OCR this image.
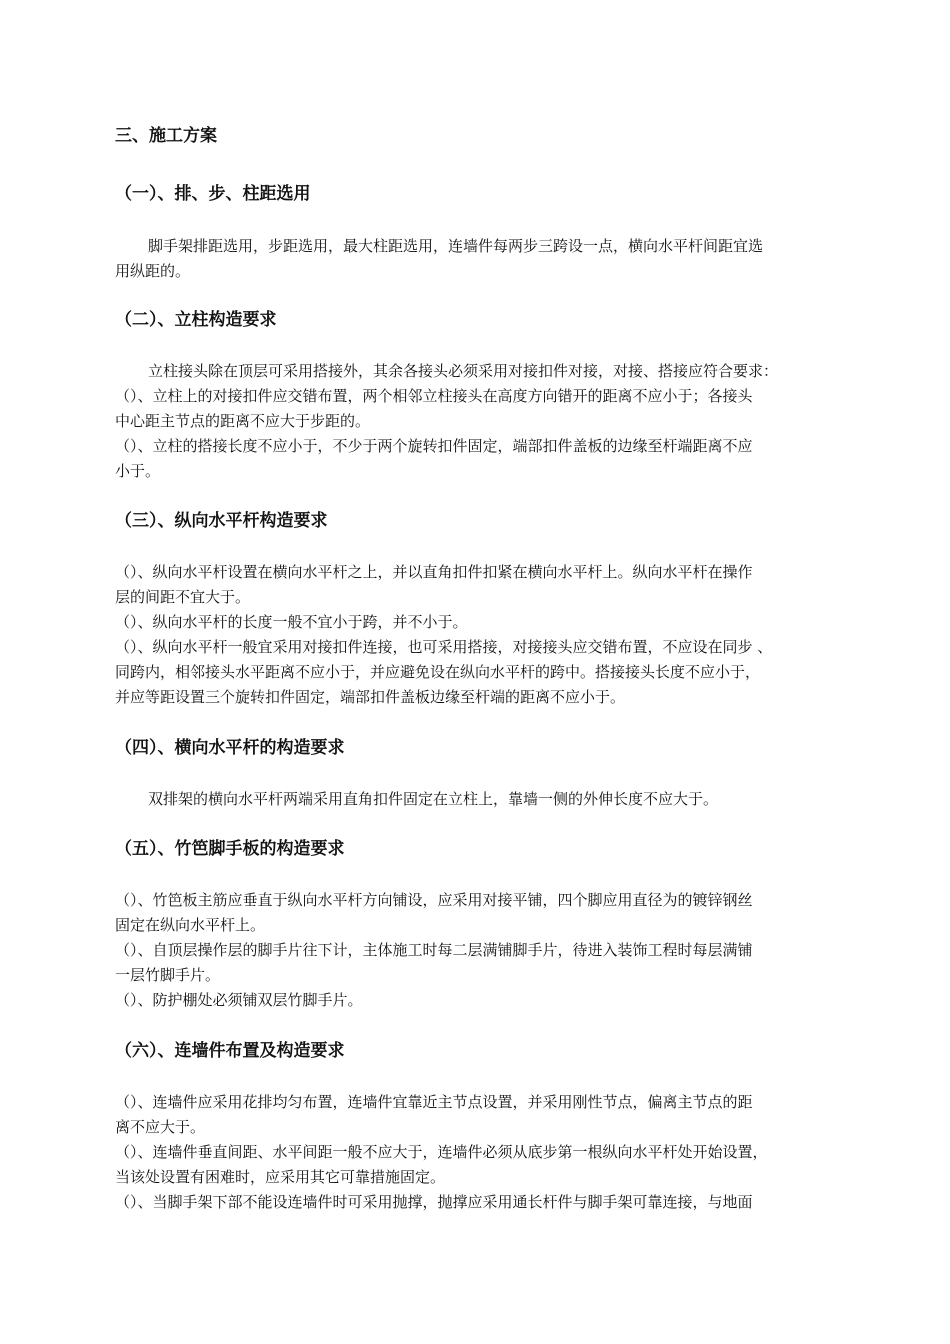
三、施工方案
（一）、排、步、柱距选用
脚手架排距选用，步距选用，最大柱距选用，连墙件每两步三跨设一点，横向水平杆间距宜选
用纵距的。
（二）、立柱构造要求
立柱接头除在顶层可采用搭接外，其余各接头必须采用对接扣件对接，对接、搭接应符合要求：
（）、立柱上的对接扣件应交错布置，两个相邻立柱接头在高度方向错开的距离不应小于；各接头
中心距主节点的距离不应大于步距的。
（）、立柱的搭接长度不应小于，不少于两个旋转扣件固定，端部扣件盖板的边缘至杆端距离不应
小于。
（三）、纵向水平杆构造要求
（）、纵向水平杆设置在横向水平杆之上，并以直角扣件扣紧在横向水平杆上。纵向水平杆在操作
层的间距不宜大于。
（）、纵向水平杆的长度一般不宜小于跨，并不小于。
（）、纵向水平杆一般宜采用对接扣件连接，也可采用搭接，对接接头应交错布置，不应设在同步 、
同跨内，相邻接头水平距离不应小于，并应避免设在纵向水平杆的跨中。搭接接头长度不应小于，
并应等距设置三个旋转扣件固定，端部扣件盖板边缘至杆端的距离不应小于。
（四）、横向水平杆的构造要求
双排架的横向水平杆两端采用直角扣件固定在立柱上，靠墙一侧的外伸长度不应大于。
（五）、竹笆脚手板的构造要求
（）、竹笆板主筋应垂直于纵向水平杆方向铺设，应采用对接平铺，四个脚应用直径为的镀锌钢丝
固定在纵向水平杆上。
（）、自顶层操作层的脚手片往下计，主体施工时每二层满铺脚手片，待进入装饰工程时每层满铺
一层竹脚手片。
（）、防护棚处必须铺双层竹脚手片。
（六）、连墙件布置及构造要求
（）、连墙件应采用花排均匀布置，连墙件宜靠近主节点设置，并采用刚性节点，偏离主节点的距
离不应大于。
（）、连墙件垂直间距、水平间距一般不应大于，连墙件必须从底步第一根纵向水平杆处开始设置，
当该处设置有困难时，应采用其它可靠措施固定。
（）、当脚手架下部不能设连墙件时可采用抛撑，抛撑应采用通长杆件与脚手架可靠连接，与地面
